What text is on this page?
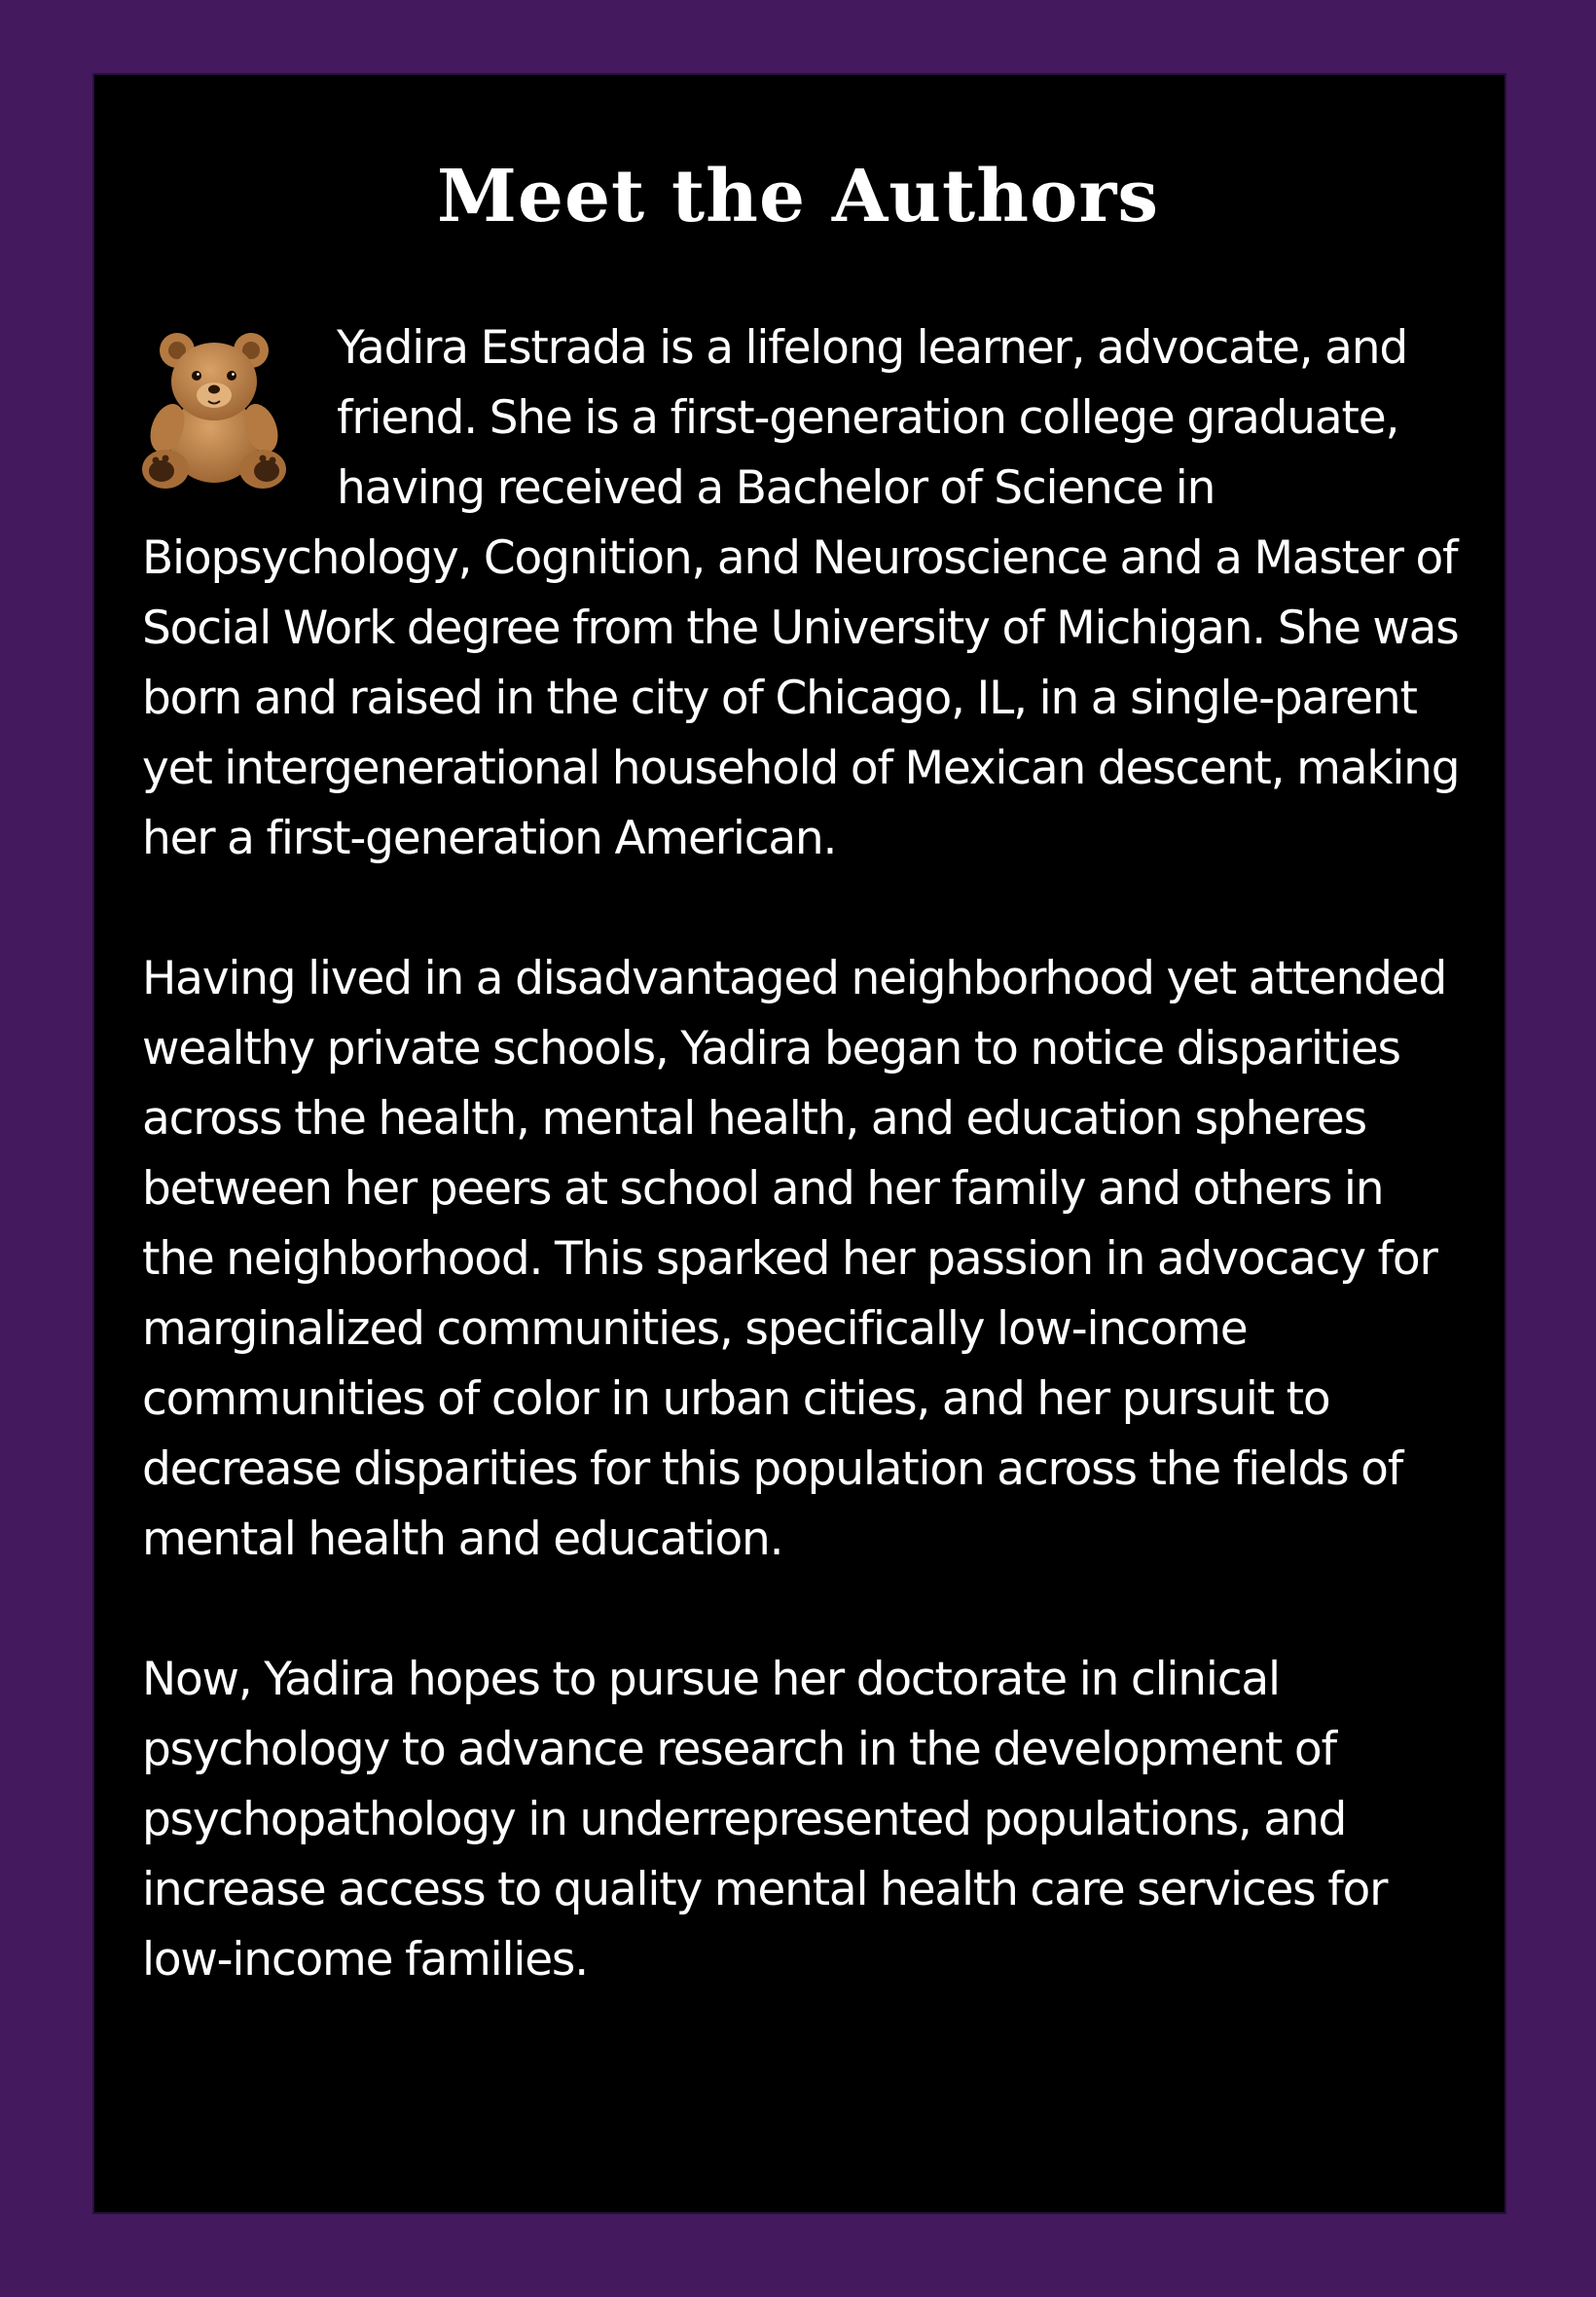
Meet the Authors

Yadira Estrada is a lifelong learner, advocate, and friend. She is a first-generation college graduate, having received a Bachelor of Science in Biopsychology, Cognition, and Neuroscience and a Master of Social Work degree from the University of Michigan. She was born and raised in the city of Chicago, IL, in a single-parent yet intergenerational household of Mexican descent, making her a first-generation American.

Having lived in a disadvantaged neighborhood yet attended wealthy private schools, Yadira began to notice disparities across the health, mental health, and education spheres between her peers at school and her family and others in the neighborhood. This sparked her passion in advocacy for marginalized communities, specifically low-income communities of color in urban cities, and her pursuit to decrease disparities for this population across the fields of mental health and education.

Now, Yadira hopes to pursue her doctorate in clinical psychology to advance research in the development of psychopathology in underrepresented populations, and increase access to quality mental health care services for low-income families.
